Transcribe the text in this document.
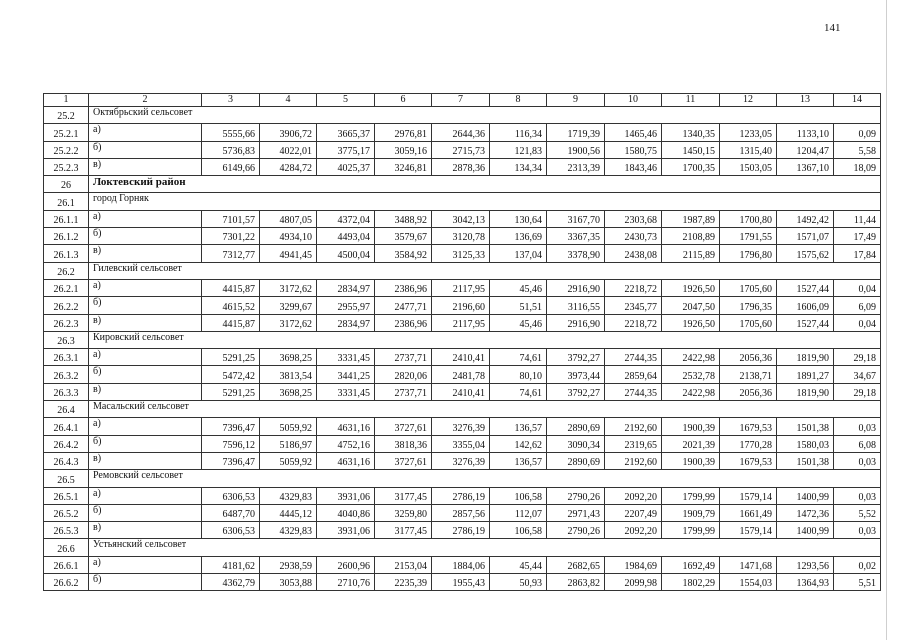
141
1	2	3	4	5	6	7	8	9	10	11	12	13	14
25.2	Октябрьский сельсовет												
25.2.1	а)	5555,66	3906,72	3665,37	2976,81	2644,36	116,34	1719,39	1465,46	1340,35	1233,05	1133,10	0,09
25.2.2	б)	5736,83	4022,01	3775,17	3059,16	2715,73	121,83	1900,56	1580,75	1450,15	1315,40	1204,47	5,58
25.2.3	в)	6149,66	4284,72	4025,37	3246,81	2878,36	134,34	2313,39	1843,46	1700,35	1503,05	1367,10	18,09
26	Локтевский район												
26.1	город Горняк												
26.1.1	а)	7101,57	4807,05	4372,04	3488,92	3042,13	130,64	3167,70	2303,68	1987,89	1700,80	1492,42	11,44
26.1.2	б)	7301,22	4934,10	4493,04	3579,67	3120,78	136,69	3367,35	2430,73	2108,89	1791,55	1571,07	17,49
26.1.3	в)	7312,77	4941,45	4500,04	3584,92	3125,33	137,04	3378,90	2438,08	2115,89	1796,80	1575,62	17,84
26.2	Гилевский сельсовет												
26.2.1	а)	4415,87	3172,62	2834,97	2386,96	2117,95	45,46	2916,90	2218,72	1926,50	1705,60	1527,44	0,04
26.2.2	б)	4615,52	3299,67	2955,97	2477,71	2196,60	51,51	3116,55	2345,77	2047,50	1796,35	1606,09	6,09
26.2.3	в)	4415,87	3172,62	2834,97	2386,96	2117,95	45,46	2916,90	2218,72	1926,50	1705,60	1527,44	0,04
26.3	Кировский сельсовет												
26.3.1	а)	5291,25	3698,25	3331,45	2737,71	2410,41	74,61	3792,27	2744,35	2422,98	2056,36	1819,90	29,18
26.3.2	б)	5472,42	3813,54	3441,25	2820,06	2481,78	80,10	3973,44	2859,64	2532,78	2138,71	1891,27	34,67
26.3.3	в)	5291,25	3698,25	3331,45	2737,71	2410,41	74,61	3792,27	2744,35	2422,98	2056,36	1819,90	29,18
26.4	Масальский сельсовет												
26.4.1	а)	7396,47	5059,92	4631,16	3727,61	3276,39	136,57	2890,69	2192,60	1900,39	1679,53	1501,38	0,03
26.4.2	б)	7596,12	5186,97	4752,16	3818,36	3355,04	142,62	3090,34	2319,65	2021,39	1770,28	1580,03	6,08
26.4.3	в)	7396,47	5059,92	4631,16	3727,61	3276,39	136,57	2890,69	2192,60	1900,39	1679,53	1501,38	0,03
26.5	Ремовский сельсовет												
26.5.1	а)	6306,53	4329,83	3931,06	3177,45	2786,19	106,58	2790,26	2092,20	1799,99	1579,14	1400,99	0,03
26.5.2	б)	6487,70	4445,12	4040,86	3259,80	2857,56	112,07	2971,43	2207,49	1909,79	1661,49	1472,36	5,52
26.5.3	в)	6306,53	4329,83	3931,06	3177,45	2786,19	106,58	2790,26	2092,20	1799,99	1579,14	1400,99	0,03
26.6	Устьянский сельсовет												
26.6.1	а)	4181,62	2938,59	2600,96	2153,04	1884,06	45,44	2682,65	1984,69	1692,49	1471,68	1293,56	0,02
26.6.2	б)	4362,79	3053,88	2710,76	2235,39	1955,43	50,93	2863,82	2099,98	1802,29	1554,03	1364,93	5,51
